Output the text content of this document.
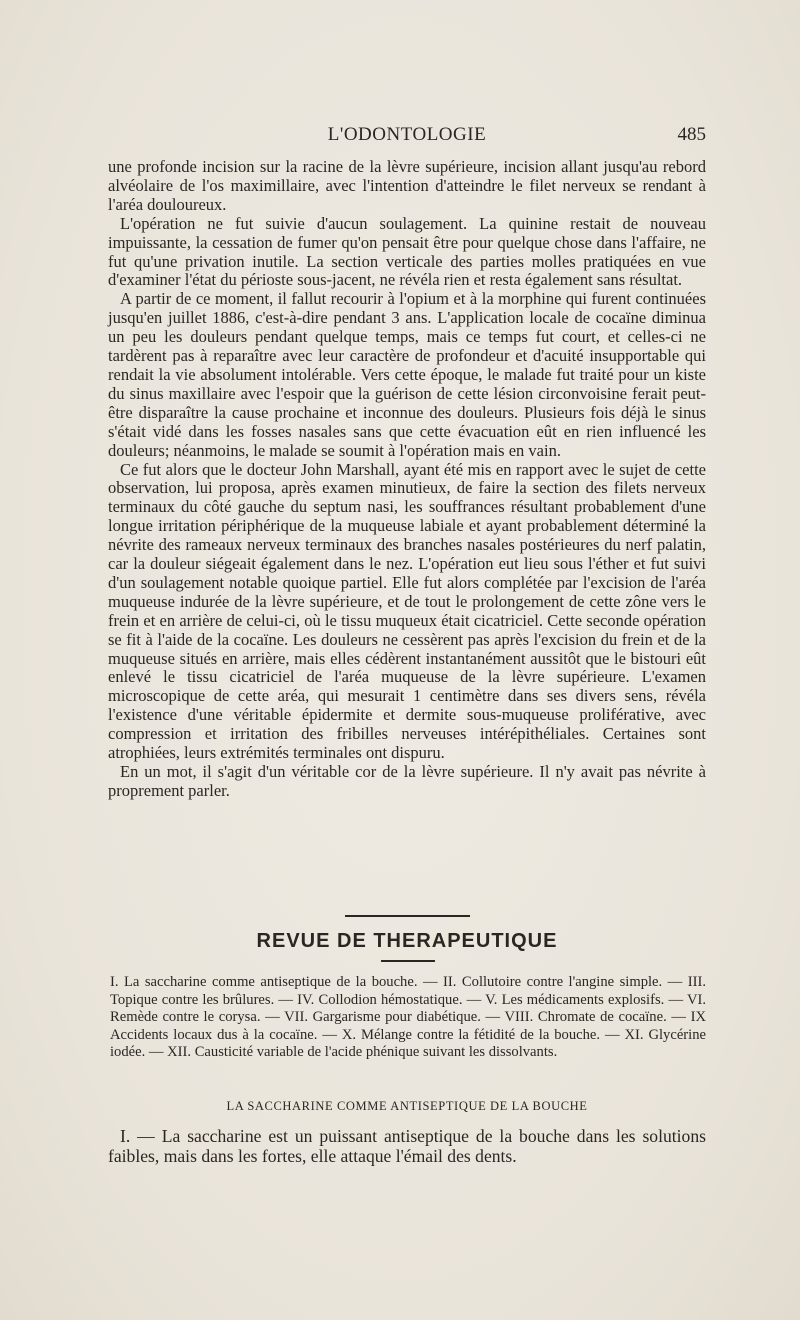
L'ODONTOLOGIE	485

une profonde incision sur la racine de la lèvre supérieure, incision allant jusqu'au rebord alvéolaire de l'os maximillaire, avec l'intention d'atteindre le filet nerveux se rendant à l'aréa douloureux.

L'opération ne fut suivie d'aucun soulagement. La quinine restait de nouveau impuissante, la cessation de fumer qu'on pensait être pour quelque chose dans l'affaire, ne fut qu'une privation inutile. La section verticale des parties molles pratiquées en vue d'examiner l'état du périoste sous-jacent, ne révéla rien et resta également sans résultat.

A partir de ce moment, il fallut recourir à l'opium et à la morphine qui furent continuées jusqu'en juillet 1886, c'est-à-dire pendant 3 ans. L'application locale de cocaïne diminua un peu les douleurs pendant quelque temps, mais ce temps fut court, et celles-ci ne tardèrent pas à reparaître avec leur caractère de profondeur et d'acuité insupportable qui rendait la vie absolument intolérable. Vers cette époque, le malade fut traité pour un kiste du sinus maxillaire avec l'espoir que la guérison de cette lésion circonvoisine ferait peut-être disparaître la cause prochaine et inconnue des douleurs. Plusieurs fois déjà le sinus s'était vidé dans les fosses nasales sans que cette évacuation eût en rien influencé les douleurs; néanmoins, le malade se soumit à l'opération mais en vain.

Ce fut alors que le docteur John Marshall, ayant été mis en rapport avec le sujet de cette observation, lui proposa, après examen minutieux, de faire la section des filets nerveux terminaux du côté gauche du septum nasi, les souffrances résultant probablement d'une longue irritation périphérique de la muqueuse labiale et ayant probablement déterminé la névrite des rameaux nerveux terminaux des branches nasales postérieures du nerf palatin, car la douleur siégeait également dans le nez. L'opération eut lieu sous l'éther et fut suivi d'un soulagement notable quoique partiel. Elle fut alors complétée par l'excision de l'aréa muqueuse indurée de la lèvre supérieure, et de tout le prolongement de cette zône vers le frein et en arrière de celui-ci, où le tissu muqueux était cicatriciel. Cette seconde opération se fit à l'aide de la cocaïne. Les douleurs ne cessèrent pas après l'excision du frein et de la muqueuse situés en arrière, mais elles cédèrent instantanément aussitôt que le bistouri eût enlevé le tissu cicatriciel de l'aréa muqueuse de la lèvre supérieure. L'examen microscopique de cette aréa, qui mesurait 1 centimètre dans ses divers sens, révéla l'existence d'une véritable épidermite et dermite sous-muqueuse proliférative, avec compression et irritation des fribilles nerveuses intérépithéliales. Certaines sont atrophiées, leurs extrémités terminales ont dispuru.

En un mot, il s'agit d'un véritable cor de la lèvre supérieure. Il n'y avait pas névrite à proprement parler.

REVUE DE THERAPEUTIQUE
I. La saccharine comme antiseptique de la bouche. — II. Collutoire contre l'angine simple. — III. Topique contre les brûlures. — IV. Collodion hémostatique. — V. Les médicaments explosifs. — VI. Remède contre le corysa. — VII. Gargarisme pour diabétique. — VIII. Chromate de cocaïne. — IX Accidents locaux dus à la cocaïne. — X. Mélange contre la fétidité de la bouche. — XI. Glycérine iodée. — XII. Causticité variable de l'acide phénique suivant les dissolvants.
LA SACCHARINE COMME ANTISEPTIQUE DE LA BOUCHE

I. — La saccharine est un puissant antiseptique de la bouche dans les solutions faibles, mais dans les fortes, elle attaque l'émail des dents.
